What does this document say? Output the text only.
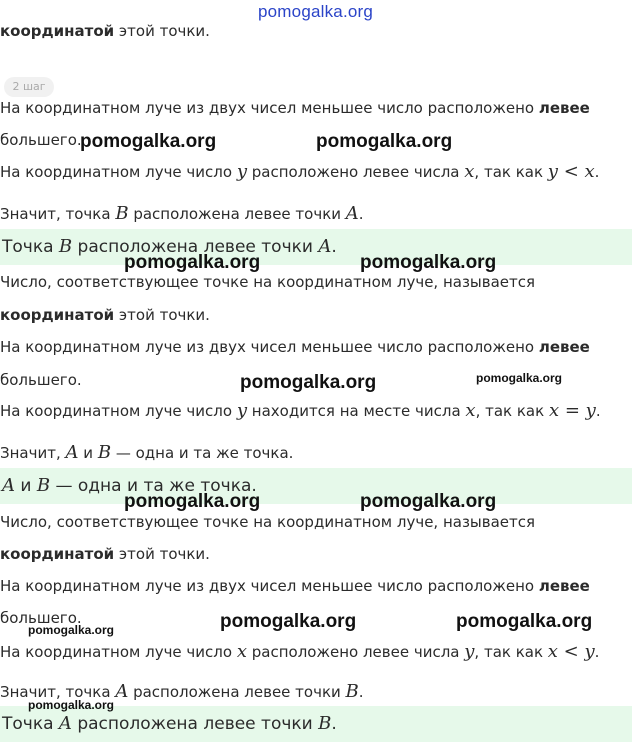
pomogalka.org
координатой этой точки.
2 шаг
На координатном луче из двух чисел меньшее число расположено левее
большего.
На координатном луче число y расположено левее числа x, так как y < x.
Значит, точка B расположена левее точки A.
Точка B расположена левее точки A.
Число, соответствующее точке на координатном луче, называется
координатой этой точки.
На координатном луче из двух чисел меньшее число расположено левее
большего.
На координатном луче число y находится на месте числа x, так как x = y.
Значит, A и B — одна и та же точка.
A и B — одна и та же точка.
Число, соответствующее точке на координатном луче, называется
координатой этой точки.
На координатном луче из двух чисел меньшее число расположено левее
большего.
На координатном луче число x расположено левее числа y, так как x < y.
Значит, точка A расположена левее точки B.
Точка A расположена левее точки B.
pomogalka.org	pomogalka.org
pomogalka.org	pomogalka.org
pomogalka.org	pomogalka.org
pomogalka.org	pomogalka.org
pomogalka.org	pomogalka.org	pomogalka.org
pomogalka.org
